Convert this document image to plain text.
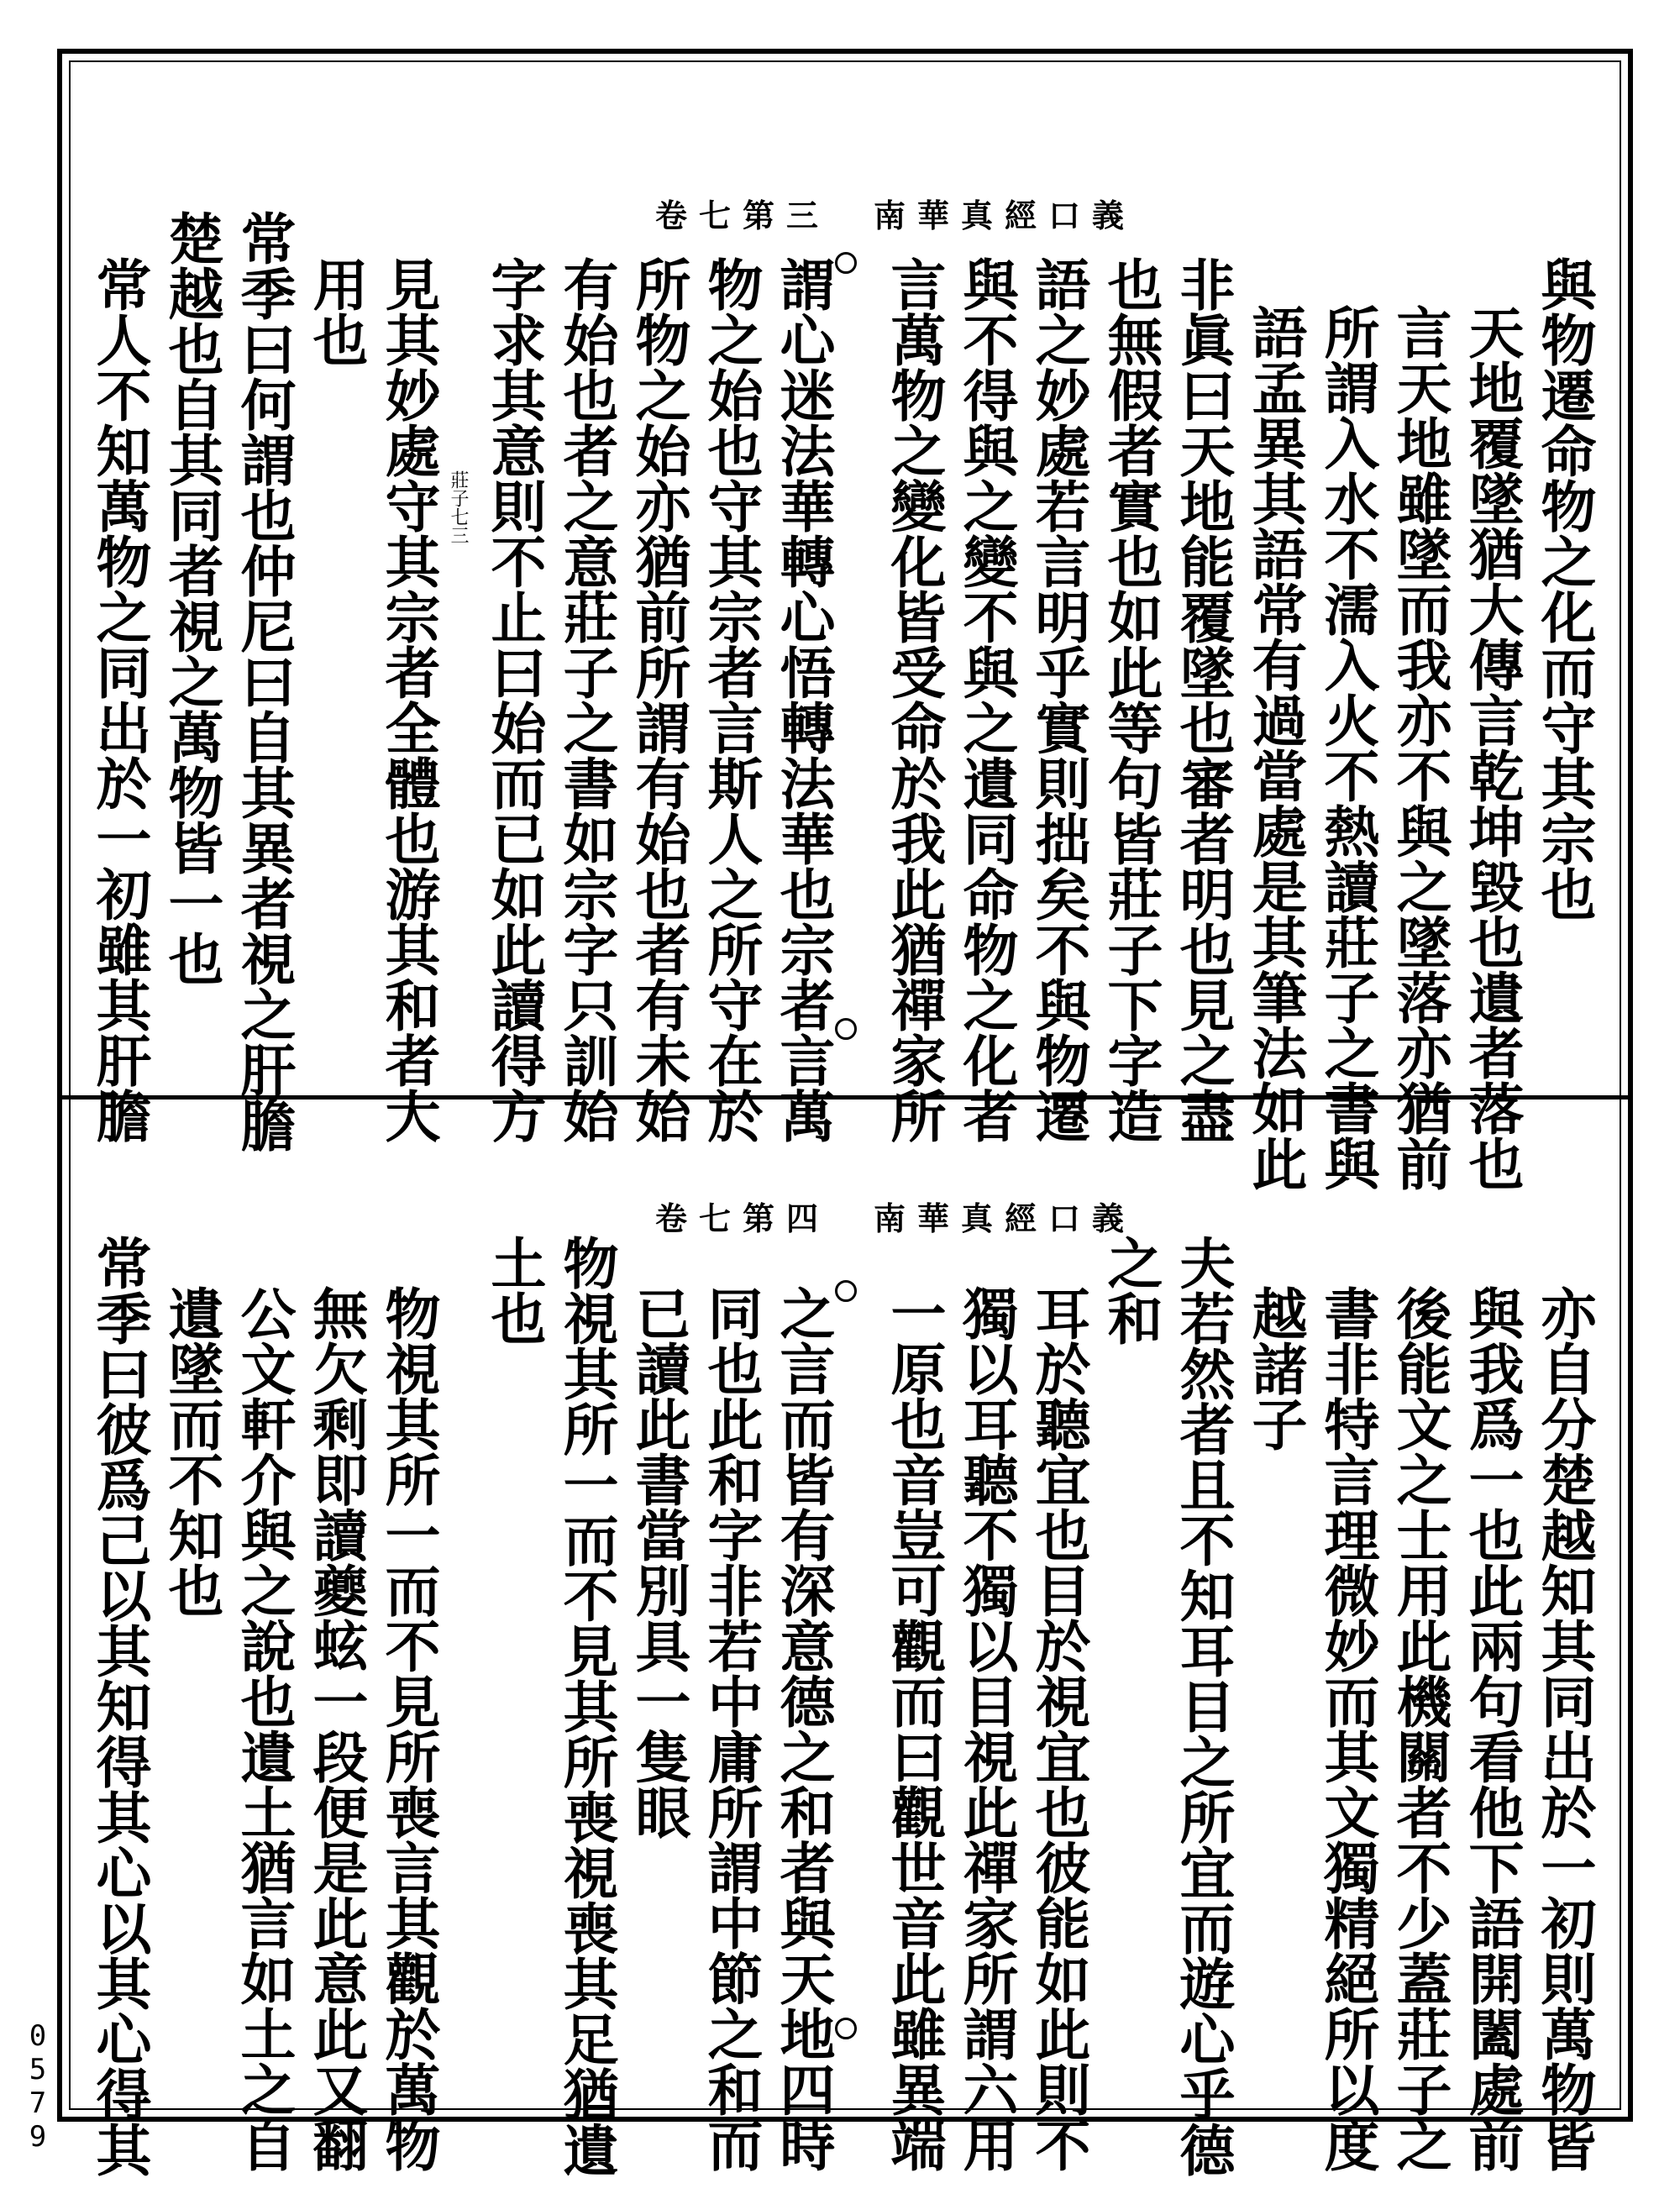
南華真經口義
卷七第三
與物遷命物之化而守其宗也
天地覆墜猶大傳言乾坤毀也遺者落也
言天地雖墜而我亦不與之墜落亦猶前
所謂入水不濡入火不熱讀莊子之書與
語孟異其語常有過當處是其筆法如此
非眞曰天地能覆墜也審者明也見之盡
也無假者實也如此等句皆莊子下字造
語之妙處若言明乎實則拙矣不與物遷
與不得與之變不與之遺同命物之化者
言萬物之變化皆受命於我此猶禪家所
謂心迷法華轉心悟轉法華也宗者言萬
物之始也守其宗者言斯人之所守在於
所物之始亦猶前所謂有始也者有未始
有始也者之意莊子之書如宗字只訓始
字求其意則不止曰始而已如此讀得方
見其妙處守其宗者全體也游其和者大
用也
常季曰何謂也仲尼曰自其異者視之肝膽
楚越也自其同者視之萬物皆一也
常人不知萬物之同出於一初雖其肝膽	莊子七三
南華真經口義
卷七第四
亦自分楚越知其同出於一初則萬物皆
與我爲一也此兩句看他下語開闔處前
後能文之士用此機關者不少蓋莊子之
書非特言理微妙而其文獨精絕所以度
越諸子
夫若然者且不知耳目之所宜而遊心乎德
之和
耳於聽宜也目於視宜也彼能如此則不
獨以耳聽不獨以目視此禪家所謂六用
一原也音豈可觀而曰觀世音此雖異端
之言而皆有深意德之和者與天地四時
同也此和字非若中庸所謂中節之和而
已讀此書當別具一隻眼
物視其所一而不見其所喪視喪其足猶遺
土也
物視其所一而不見所喪言其觀於萬物
無欠剩即讀夔蚿一段便是此意此又翻
公文軒介與之說也遺土猶言如土之自
遺墜而不知也
常季曰彼爲己以其知得其心以其心得其
0579
